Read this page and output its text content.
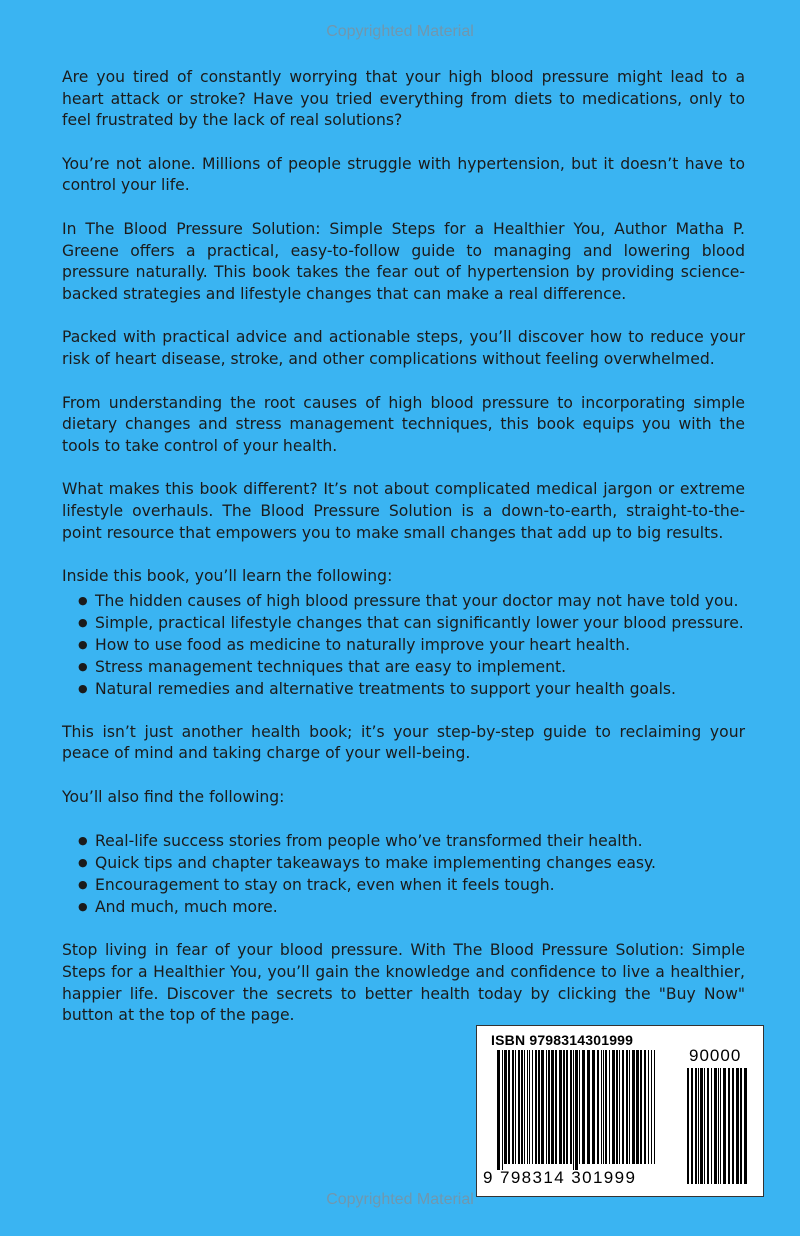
Copyrighted Material

Are you tired of constantly worrying that your high blood pressure might lead to a heart attack or stroke? Have you tried everything from diets to medications, only to feel frustrated by the lack of real solutions?

You’re not alone. Millions of people struggle with hypertension, but it doesn’t have to control your life.

In The Blood Pressure Solution: Simple Steps for a Healthier You, Author Matha P. Greene offers a practical, easy-to-follow guide to managing and lowering blood pressure naturally. This book takes the fear out of hypertension by providing science-backed strategies and lifestyle changes that can make a real difference.

Packed with practical advice and actionable steps, you’ll discover how to reduce your risk of heart disease, stroke, and other complications without feeling overwhelmed.

From understanding the root causes of high blood pressure to incorporating simple dietary changes and stress management techniques, this book equips you with the tools to take control of your health.

What makes this book different? It’s not about complicated medical jargon or extreme lifestyle overhauls. The Blood Pressure Solution is a down-to-earth, straight-to-the-point resource that empowers you to make small changes that add up to big results.

Inside this book, you’ll learn the following:

● The hidden causes of high blood pressure that your doctor may not have told you.
● Simple, practical lifestyle changes that can significantly lower your blood pressure.
● How to use food as medicine to naturally improve your heart health.
● Stress management techniques that are easy to implement.
● Natural remedies and alternative treatments to support your health goals.

This isn’t just another health book; it’s your step-by-step guide to reclaiming your peace of mind and taking charge of your well-being.

You’ll also find the following:

● Real-life success stories from people who’ve transformed their health.
● Quick tips and chapter takeaways to make implementing changes easy.
● Encouragement to stay on track, even when it feels tough.
● And much, much more.

Stop living in fear of your blood pressure. With The Blood Pressure Solution: Simple Steps for a Healthier You, you’ll gain the knowledge and confidence to live a healthier, happier life. Discover the secrets to better health today by clicking the "Buy Now" button at the top of the page.

ISBN 9798314301999
90000
9 798314 301999
Copyrighted Material
